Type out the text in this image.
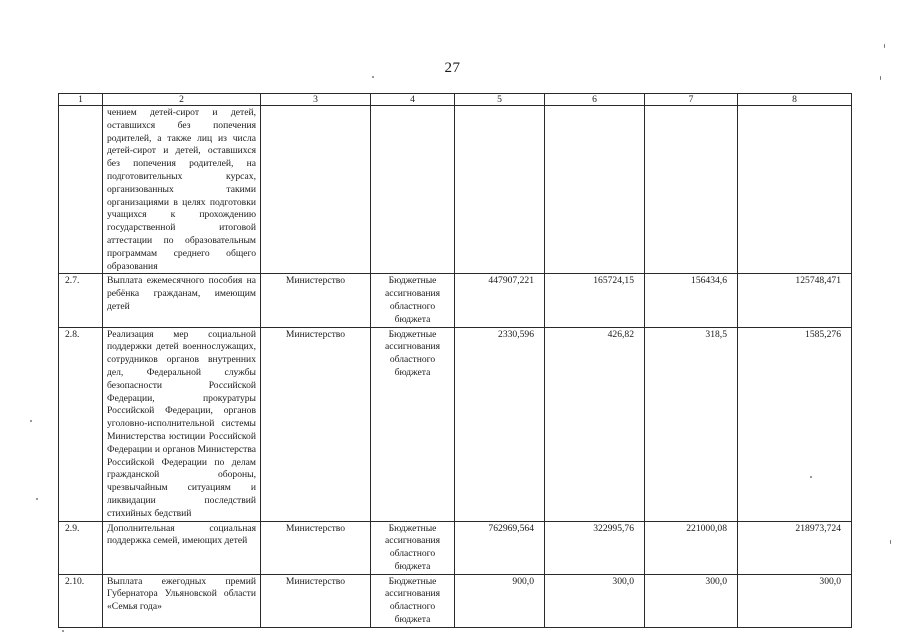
27
1	2	3	4	5	6	7	8
	чением детей-сирот и детей, оставшихся без попечения родителей, а также лиц из числа детей-сирот и детей, оставшихся без попечения родителей, на подготовительных курсах, организованных такими организациями в целях подготовки учащихся к прохождению государственной итоговой аттестации по образовательным программам среднего общего образования						
2.7.	Выплата ежемесячного пособия на ребёнка гражданам, имеющим детей	Министерство	Бюджетные ассигнования областного бюджета	447907,221	165724,15	156434,6	125748,471
2.8.	Реализация мер социальной поддержки детей военнослужащих, сотрудников органов внутренних дел, Федеральной службы безопасности Российской Федерации, прокуратуры Российской Федерации, органов уголовно-исполнительной системы Министерства юстиции Российской Федерации и органов Министерства Российской Федерации по делам гражданской обороны, чрезвычайным ситуациям и ликвидации последствий стихийных бедствий	Министерство	Бюджетные ассигнования областного бюджета	2330,596	426,82	318,5	1585,276
2.9.	Дополнительная социальная поддержка семей, имеющих детей	Министерство	Бюджетные ассигнования областного бюджета	762969,564	322995,76	221000,08	218973,724
2.10.	Выплата ежегодных премий Губернатора Ульяновской области «Семья года»	Министерство	Бюджетные ассигнования областного бюджета	900,0	300,0	300,0	300,0
